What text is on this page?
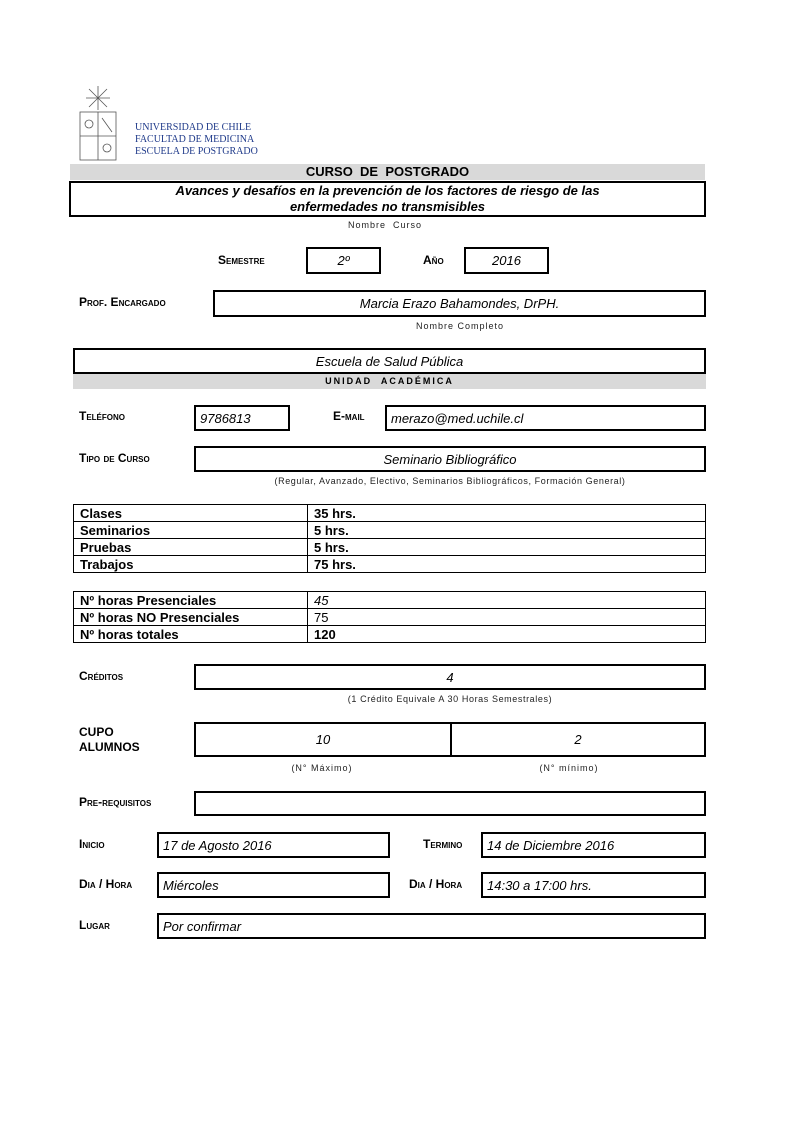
UNIVERSIDAD DE CHILE
FACULTAD DE MEDICINA
ESCUELA DE POSTGRADO
CURSO  DE  POSTGRADO
Avances y desafíos en la prevención de los factores de riesgo de las
enfermedades no transmisibles
Nombre  Curso
Semestre	2º	Año	2016
Prof. Encargado	Marcia Erazo Bahamondes, DrPH.
Nombre Completo
Escuela de Salud Pública
UNIDAD  ACADÉMICA
Teléfono	9786813	E-mail	merazo@med.uchile.cl
Tipo de Curso	Seminario Bibliográfico
(Regular, Avanzado, Electivo, Seminarios Bibliográficos, Formación General)
Clases	35 hrs.
Seminarios	5 hrs.
Pruebas	5 hrs.
Trabajos	75 hrs.
Nº horas Presenciales	45
Nº horas NO Presenciales	75
Nº horas totales	120
Créditos	4
(1 Crédito Equivale A 30 Horas Semestrales)
CUPO
ALUMNOS	10	2
(N° Máximo)	(N° mínimo)
Pre-requisitos
Inicio	17 de Agosto 2016	Termino	14 de Diciembre 2016
Dia / Hora	Miércoles	Dia / Hora	14:30 a 17:00 hrs.
Lugar	Por confirmar
